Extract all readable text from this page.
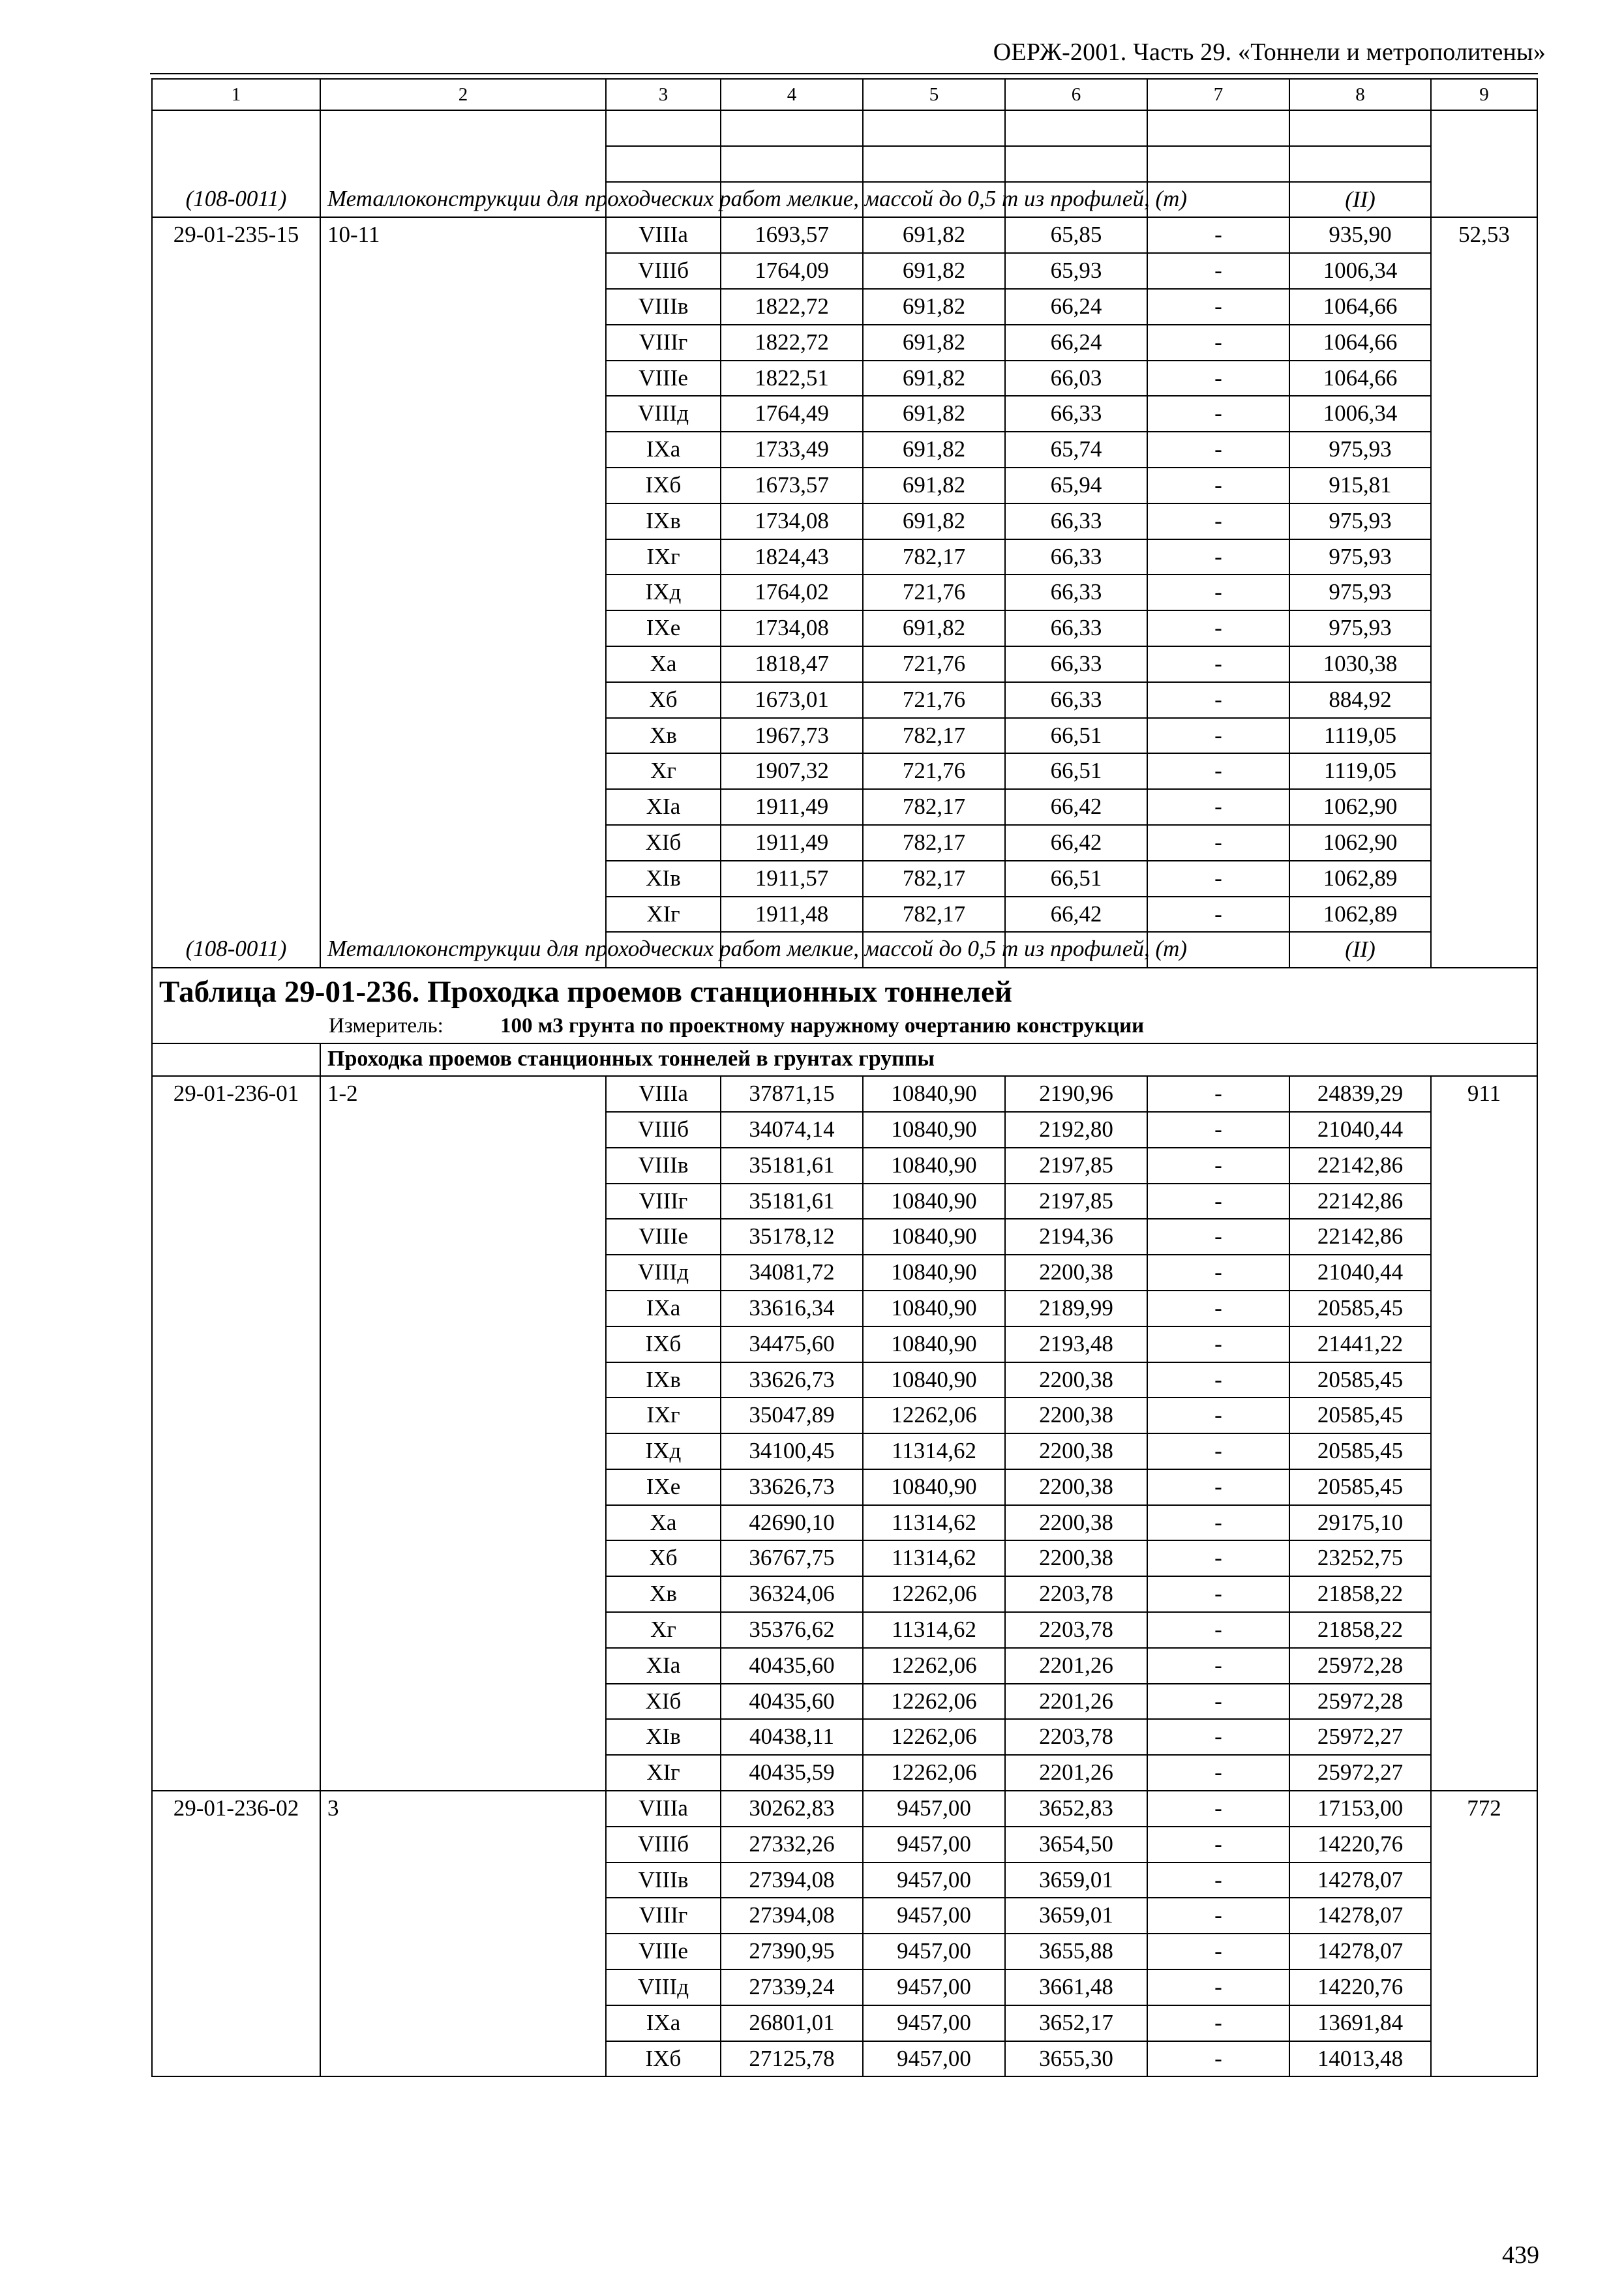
ОЕРЖ-2001. Часть 29. «Тоннели и метрополитены»
1	2	3	4	5	6	7	8	9

(108-0011)	Металлоконструкции для проходческих работ мелкие, массой до 0,5 т из профилей, (т)						(II)	
29-01-235-15	10-11	VIIIа	1693,57	691,82	65,85	-	935,90	52,53
		VIIIб	1764,09	691,82	65,93	-	1006,34	
		VIIIв	1822,72	691,82	66,24	-	1064,66	
		VIIIг	1822,72	691,82	66,24	-	1064,66	
		VIIIе	1822,51	691,82	66,03	-	1064,66	
		VIIIд	1764,49	691,82	66,33	-	1006,34	
		IXа	1733,49	691,82	65,74	-	975,93	
		IXб	1673,57	691,82	65,94	-	915,81	
		IXв	1734,08	691,82	66,33	-	975,93	
		IXг	1824,43	782,17	66,33	-	975,93	
		IXд	1764,02	721,76	66,33	-	975,93	
		IXе	1734,08	691,82	66,33	-	975,93	
		Xа	1818,47	721,76	66,33	-	1030,38	
		Xб	1673,01	721,76	66,33	-	884,92	
		Xв	1967,73	782,17	66,51	-	1119,05	
		Xг	1907,32	721,76	66,51	-	1119,05	
		XIа	1911,49	782,17	66,42	-	1062,90	
		XIб	1911,49	782,17	66,42	-	1062,90	
		XIв	1911,57	782,17	66,51	-	1062,89	
		XIг	1911,48	782,17	66,42	-	1062,89	
(108-0011)	Металлоконструкции для проходческих работ мелкие, массой до 0,5 т из профилей, (т)						(II)	
Таблица 29-01-236. Проходка проемов станционных тоннелей								
Измеритель: 100 м3 грунта по проектному наружному очертанию конструкции								
	Проходка проемов станционных тоннелей в грунтах группы							
29-01-236-01	1-2	VIIIа	37871,15	10840,90	2190,96	-	24839,29	911
		VIIIб	34074,14	10840,90	2192,80	-	21040,44	
		VIIIв	35181,61	10840,90	2197,85	-	22142,86	
		VIIIг	35181,61	10840,90	2197,85	-	22142,86	
		VIIIе	35178,12	10840,90	2194,36	-	22142,86	
		VIIIд	34081,72	10840,90	2200,38	-	21040,44	
		IXа	33616,34	10840,90	2189,99	-	20585,45	
		IXб	34475,60	10840,90	2193,48	-	21441,22	
		IXв	33626,73	10840,90	2200,38	-	20585,45	
		IXг	35047,89	12262,06	2200,38	-	20585,45	
		IXд	34100,45	11314,62	2200,38	-	20585,45	
		IXе	33626,73	10840,90	2200,38	-	20585,45	
		Xа	42690,10	11314,62	2200,38	-	29175,10	
		Xб	36767,75	11314,62	2200,38	-	23252,75	
		Xв	36324,06	12262,06	2203,78	-	21858,22	
		Xг	35376,62	11314,62	2203,78	-	21858,22	
		XIа	40435,60	12262,06	2201,26	-	25972,28	
		XIб	40435,60	12262,06	2201,26	-	25972,28	
		XIв	40438,11	12262,06	2203,78	-	25972,27	
		XIг	40435,59	12262,06	2201,26	-	25972,27	
29-01-236-02	3	VIIIа	30262,83	9457,00	3652,83	-	17153,00	772
		VIIIб	27332,26	9457,00	3654,50	-	14220,76	
		VIIIв	27394,08	9457,00	3659,01	-	14278,07	
		VIIIг	27394,08	9457,00	3659,01	-	14278,07	
		VIIIе	27390,95	9457,00	3655,88	-	14278,07	
		VIIIд	27339,24	9457,00	3661,48	-	14220,76	
		IXа	26801,01	9457,00	3652,17	-	13691,84	
		IXб	27125,78	9457,00	3655,30	-	14013,48	
439
